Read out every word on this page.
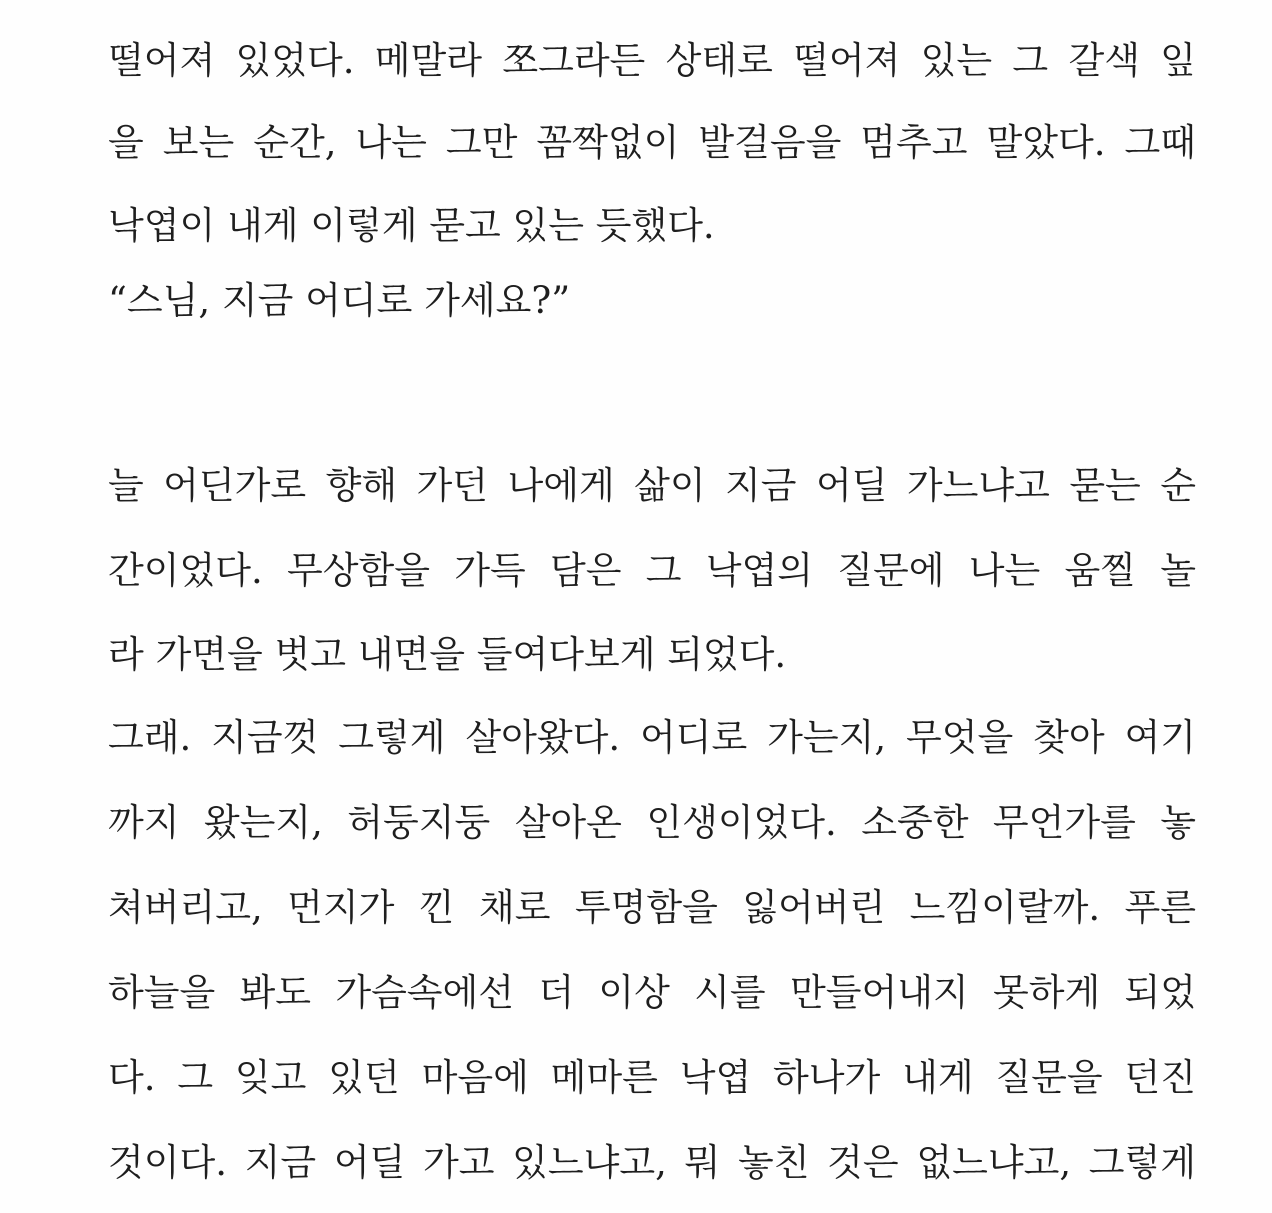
떨어져 있었다. 메말라 쪼그라든 상태로 떨어져 있는 그 갈색 잎
을 보는 순간, 나는 그만 꼼짝없이 발걸음을 멈추고 말았다. 그때
낙엽이 내게 이렇게 묻고 있는 듯했다.
“스님, 지금 어디로 가세요?”
늘 어딘가로 향해 가던 나에게 삶이 지금 어딜 가느냐고 묻는 순
간이었다. 무상함을 가득 담은 그 낙엽의 질문에 나는 움찔 놀
라 가면을 벗고 내면을 들여다보게 되었다.
그래. 지금껏 그렇게 살아왔다. 어디로 가는지, 무엇을 찾아 여기
까지 왔는지, 허둥지둥 살아온 인생이었다. 소중한 무언가를 놓
쳐버리고, 먼지가 낀 채로 투명함을 잃어버린 느낌이랄까. 푸른
하늘을 봐도 가슴속에선 더 이상 시를 만들어내지 못하게 되었
다. 그 잊고 있던 마음에 메마른 낙엽 하나가 내게 질문을 던진
것이다. 지금 어딜 가고 있느냐고, 뭐 놓친 것은 없느냐고, 그렇게
